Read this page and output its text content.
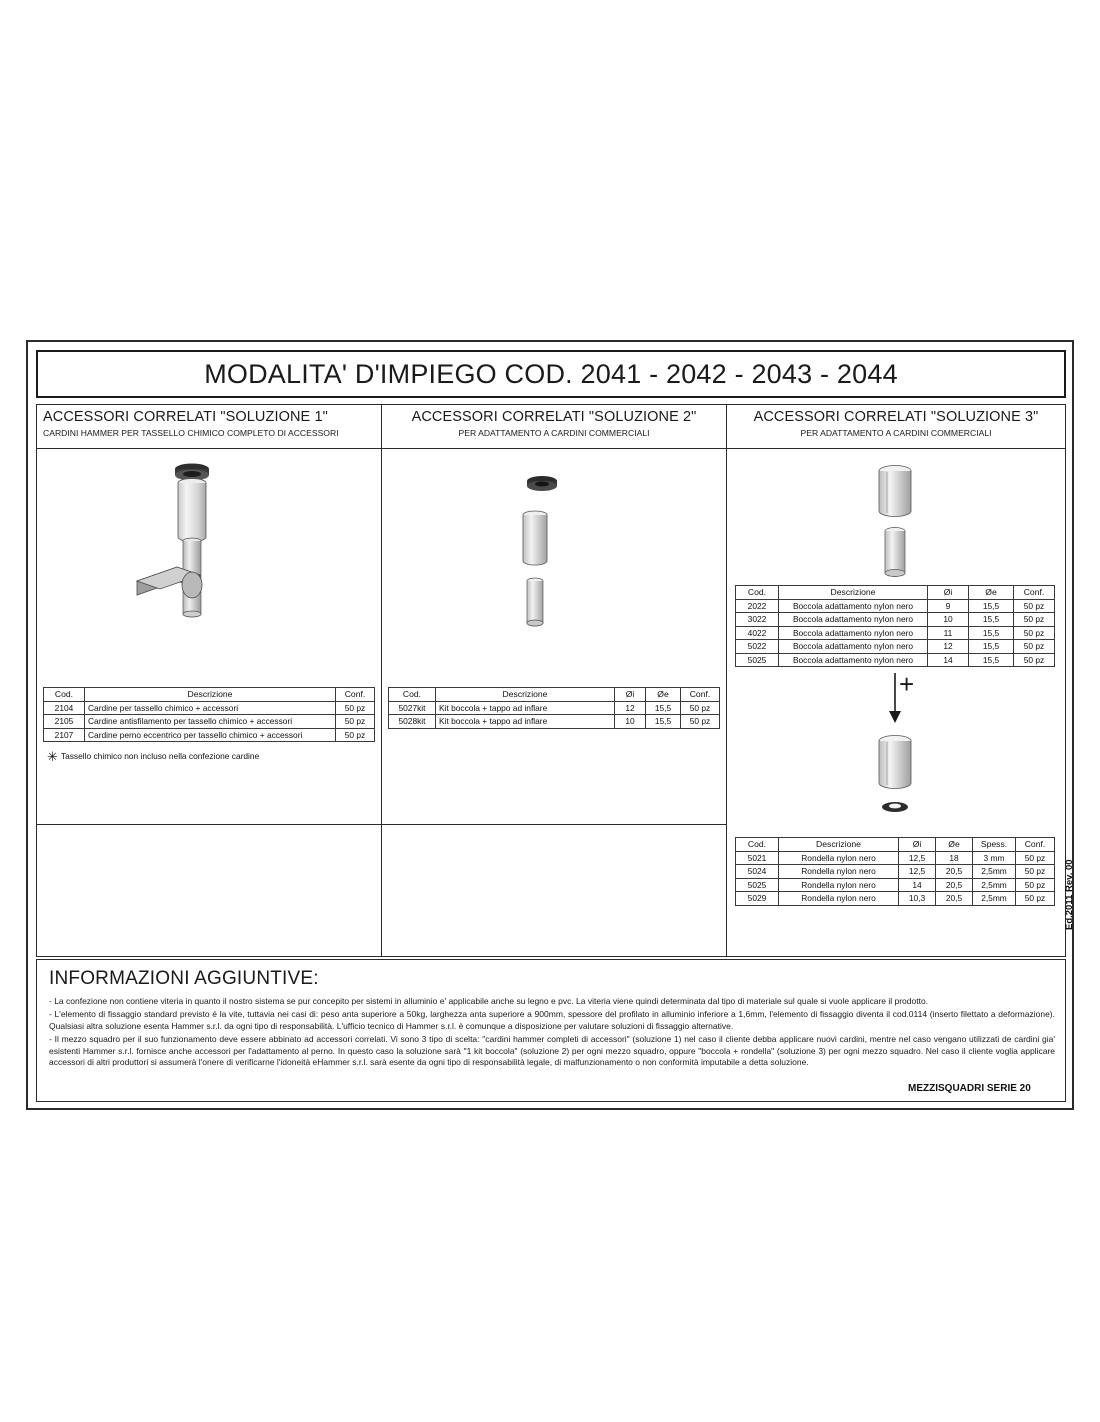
MODALITA' D'IMPIEGO COD. 2041 - 2042 - 2043 - 2044
ACCESSORI CORRELATI "SOLUZIONE 1"
CARDINI HAMMER PER TASSELLO CHIMICO COMPLETO DI ACCESSORI
Cod.	Descrizione	Conf.
2104	Cardine per tassello chimico + accessori	50 pz
2105	Cardine antisfilamento per tassello chimico + accessori	50 pz
2107	Cardine perno eccentrico per tassello chimico + accessori	50 pz
✳ Tassello chimico non incluso nella confezione cardine
ACCESSORI CORRELATI "SOLUZIONE 2"
PER ADATTAMENTO A CARDINI COMMERCIALI
Cod.	Descrizione	Øi	Øe	Conf.
5027kit	Kit boccola + tappo ad inflare	12	15,5	50 pz
5028kit	Kit boccola + tappo ad inflare	10	15,5	50 pz
ACCESSORI CORRELATI "SOLUZIONE 3"
PER ADATTAMENTO A CARDINI COMMERCIALI
Cod.	Descrizione	Øi	Øe	Conf.
2022	Boccola adattamento nylon nero	9	15,5	50 pz
3022	Boccola adattamento nylon nero	10	15,5	50 pz
4022	Boccola adattamento nylon nero	11	15,5	50 pz
5022	Boccola adattamento nylon nero	12	15,5	50 pz
5025	Boccola adattamento nylon nero	14	15,5	50 pz
+
Cod.	Descrizione	Øi	Øe	Spess.	Conf.
5021	Rondella nylon nero	12,5	18	3 mm	50 pz
5024	Rondella nylon nero	12,5	20,5	2,5mm	50 pz
5025	Rondella nylon nero	14	20,5	2,5mm	50 pz
5029	Rondella nylon nero	10,3	20,5	2,5mm	50 pz
INFORMAZIONI AGGIUNTIVE:

- La confezione non contiene viteria in quanto il nostro sistema se pur concepito per sistemi in alluminio e' applicabile anche su legno e pvc. La viteria viene quindi determinata dal tipo di materiale sul quale si vuole applicare il prodotto.

- L'elemento di fissaggio standard previsto é la vite, tuttavia nei casi di: peso anta superiore a 50kg, larghezza anta superiore a 900mm, spessore del profilato in alluminio inferiore a 1,6mm, l'elemento di fissaggio diventa il cod.0114 (inserto filettato a deformazione). Qualsiasi altra soluzione esenta Hammer s.r.l. da ogni tipo di responsabilità. L'ufficio tecnico di Hammer s.r.l. è comunque a disposizione per valutare soluzioni di fissaggio alternative.

- Il mezzo squadro per il suo funzionamento deve essere abbinato ad accessori correlati. Vi sono 3 tipo di scelta: "cardini hammer completi di accessori" (soluzione 1) nel caso il cliente debba applicare nuovi cardini, mentre nel caso vengano utilizzati de cardini gia' esistenti Hammer s.r.l. fornisce anche accessori per l'adattamento al perno. In questo caso la soluzione sarà "1 kit boccola" (soluzione 2) per ogni mezzo squadro, oppure "boccola + rondella" (soluzione 3) per ogni mezzo squadro. Nel caso il cliente voglia applicare accessori di altri produttori si assumerà l'onere di verificarne l'idoneità eHammer s.r.l. sarà esente da ogni tipo di responsabilità legale, di malfunzionamento o non conformità imputabile a detta soluzione.

Ed.2011 Rev. 00
MEZZISQUADRI SERIE 20
